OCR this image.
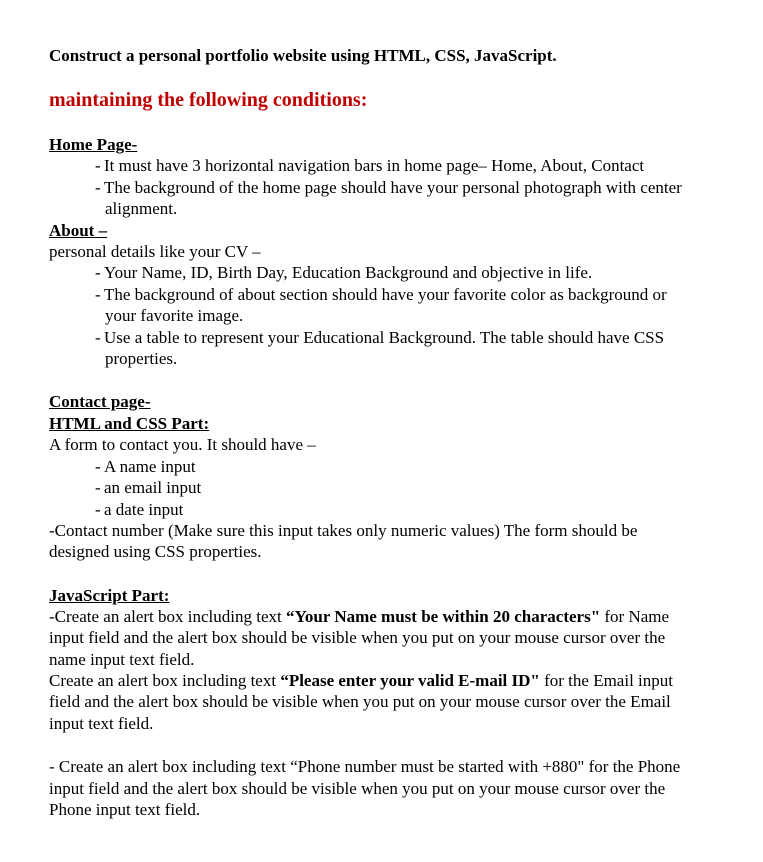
Construct a personal portfolio website using HTML, CSS, JavaScript.
maintaining the following conditions:
Home Page-
- It must have 3 horizontal navigation bars in home page– Home, About, Contact
- The background of the home page should have your personal photograph with center
alignment.
About –
personal details like your CV –
- Your Name, ID, Birth Day, Education Background and objective in life.
- The background of about section should have your favorite color as background or
your favorite image.
- Use a table to represent your Educational Background. The table should have CSS
properties.
Contact page-
HTML and CSS Part:
A form to contact you. It should have –
- A name input
- an email input
- a date input
-Contact number (Make sure this input takes only numeric values) The form should be
designed using CSS properties.
JavaScript Part:
-Create an alert box including text “Your Name must be within 20 characters" for Name
input field and the alert box should be visible when you put on your mouse cursor over the
name input text field.
Create an alert box including text “Please enter your valid E-mail ID" for the Email input
field and the alert box should be visible when you put on your mouse cursor over the Email
input text field.
- Create an alert box including text “Phone number must be started with +880" for the Phone
input field and the alert box should be visible when you put on your mouse cursor over the
Phone input text field.
